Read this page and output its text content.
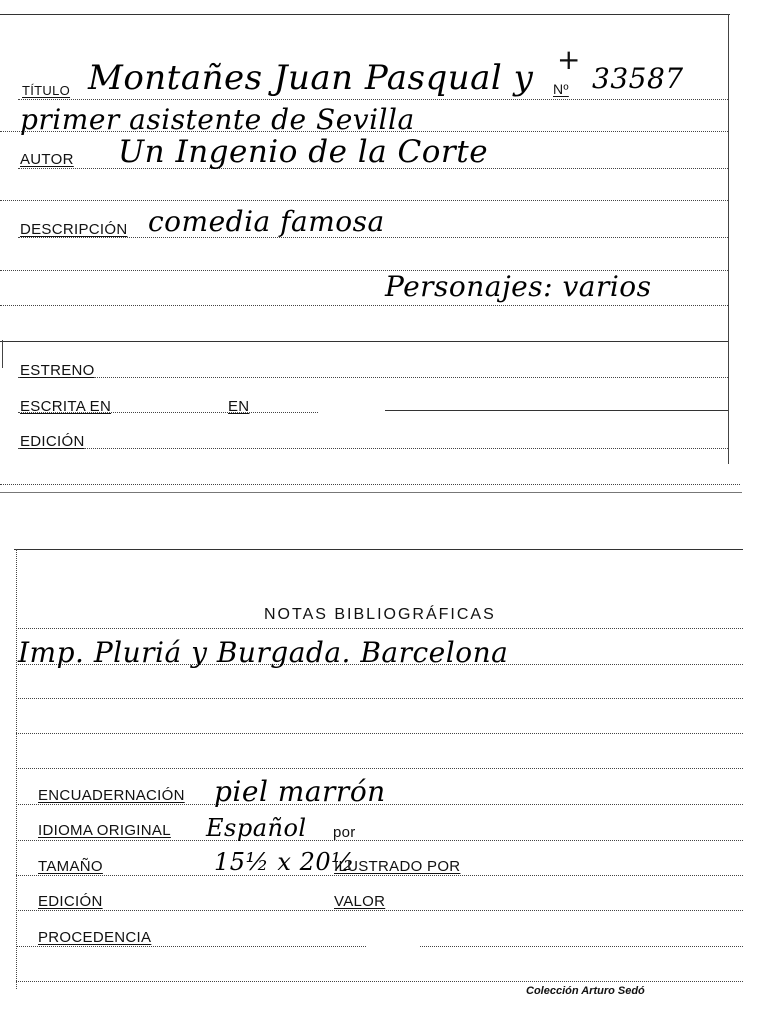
TÍTULO Montañes Juan Pasqual y +
Nº 33587
primer asistente de Sevilla
AUTOR Un Ingenio de la Corte
DESCRIPCIÓN comedia famosa
Personajes: varios
ESTRENO
ESCRITA EN	EN
EDICIÓN
NOTAS BIBLIOGRÁFICAS
Imp. Pluriá y Burgada. Barcelona
ENCUADERNACIÓN piel marrón
IDIOMA ORIGINAL Español por
TAMAÑO	15½ x 20½
ILUSTRADO POR
EDICIÓN	VALOR
PROCEDENCIA
Colección Arturo Sedó
